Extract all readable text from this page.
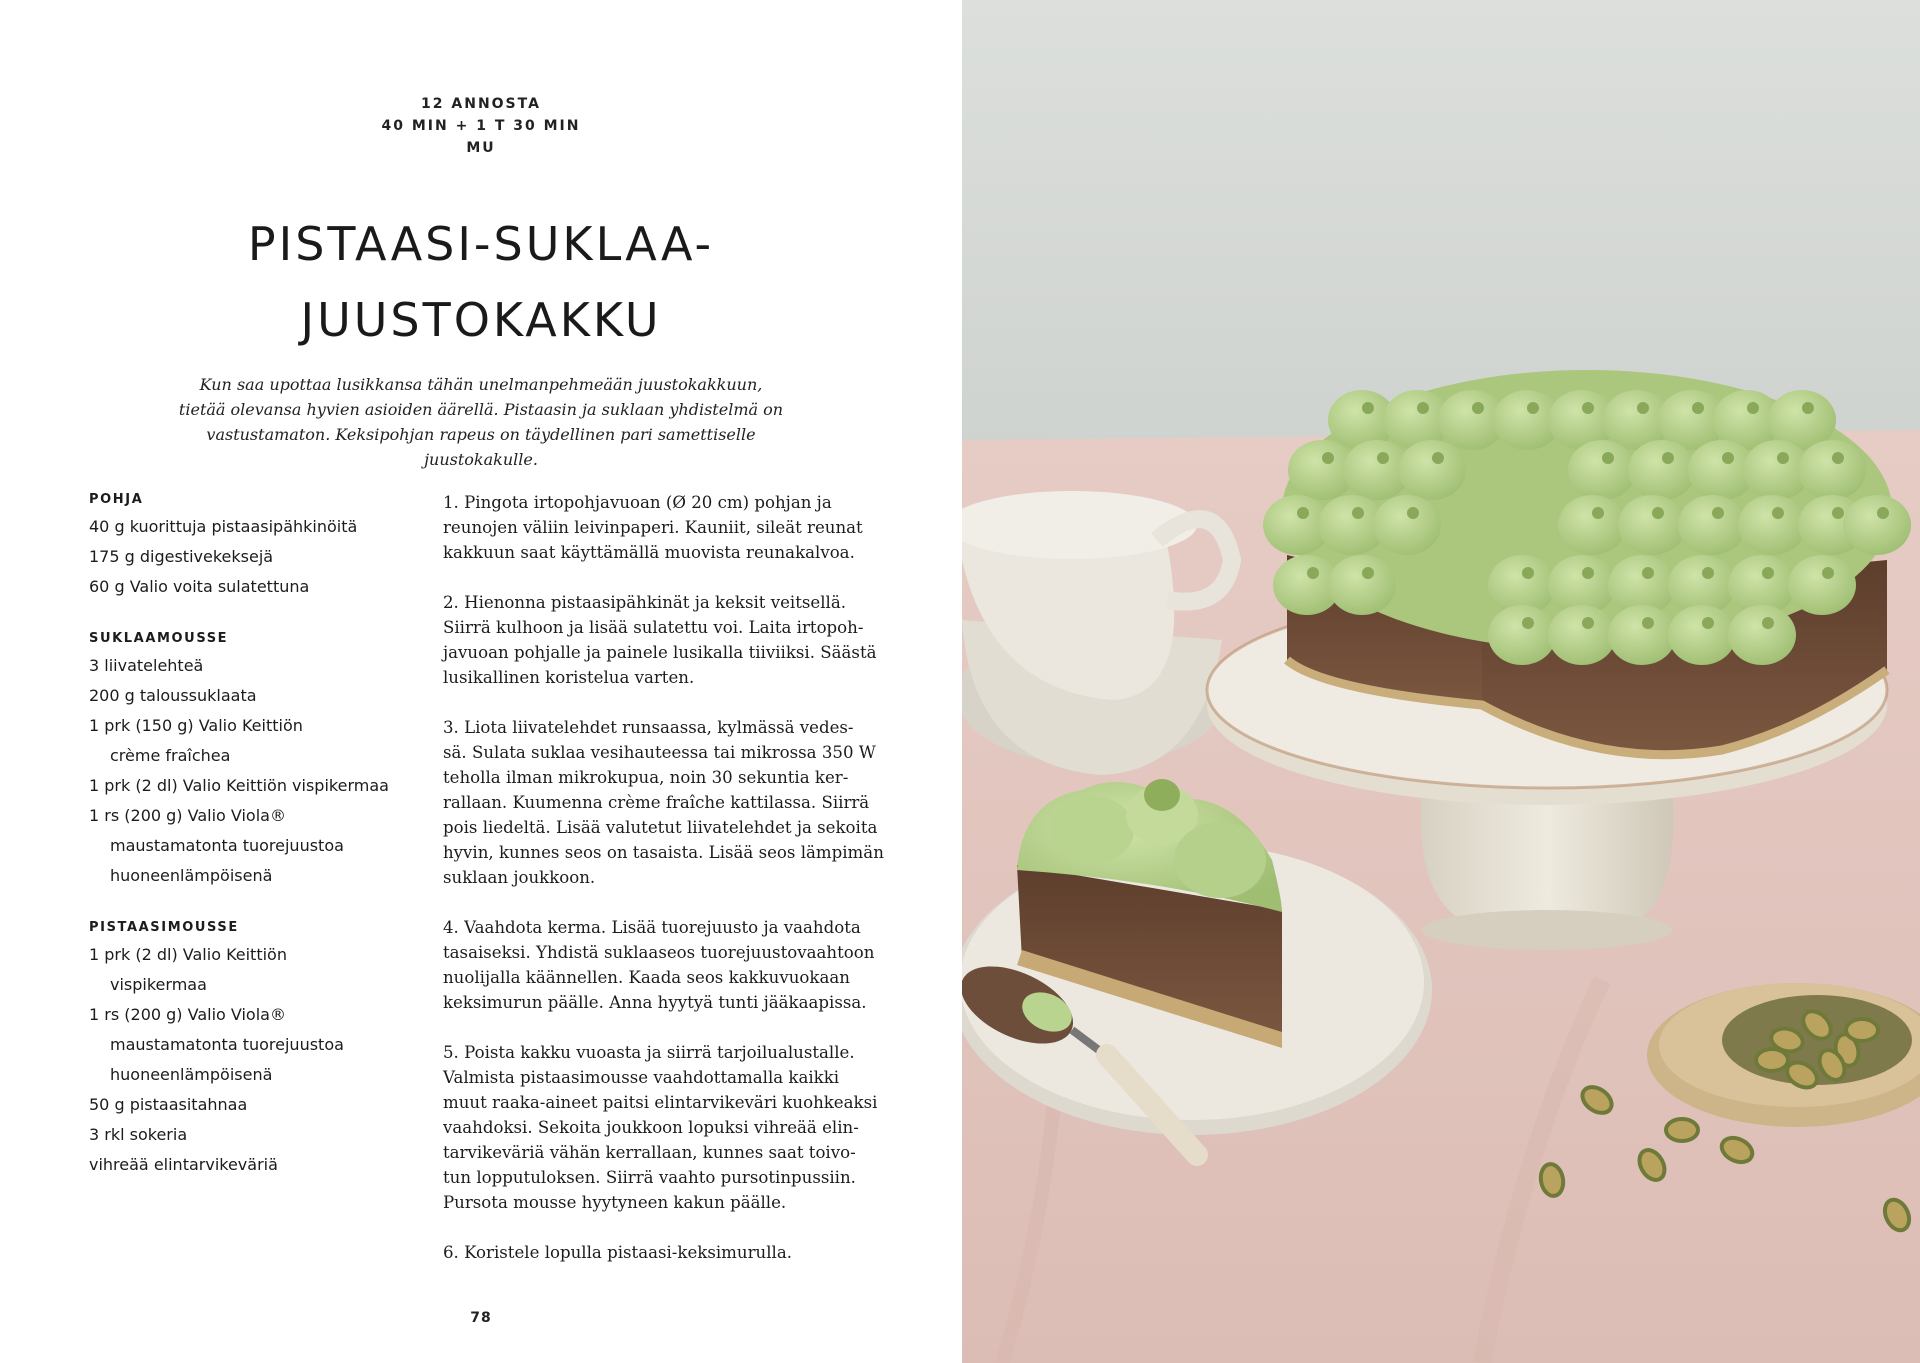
12 ANNOSTA
40 MIN + 1 T 30 MIN
MU
PISTAASI-SUKLAA-
JUUSTOKAKKU
Kun saa upottaa lusikkansa tähän unelmanpehmeään juustokakkuun,
tietää olevansa hyvien asioiden äärellä. Pistaasin ja suklaan yhdistelmä on
vastustamaton. Keksipohjan rapeus on täydellinen pari samettiselle juustokakulle.
POHJA
40 g kuorittuja pistaasipähkinöitä
175 g digestivekeksejä
60 g Valio voita sulatettuna
SUKLAAMOUSSE
3 liivatelehteä
200 g taloussuklaata
1 prk (150 g) Valio Keittiön
crème fraîchea
1 prk (2 dl) Valio Keittiön vispikermaa
1 rs (200 g) Valio Viola®
maustamatonta tuorejuustoa
huoneenlämpöisenä
PISTAASIMOUSSE
1 prk (2 dl) Valio Keittiön
vispikermaa
1 rs (200 g) Valio Viola®
maustamatonta tuorejuustoa
huoneenlämpöisenä
50 g pistaasitahnaa
3 rkl sokeria
vihreää elintarvikeväriä
1. Pingota irtopohjavuoan (Ø 20 cm) pohjan ja
reunojen väliin leivinpaperi. Kauniit, sileät reunat
kakkuun saat käyttämällä muovista reunakalvoa.
2. Hienonna pistaasipähkinät ja keksit veitsellä.
Siirrä kulhoon ja lisää sulatettu voi. Laita irtopoh-
javuoan pohjalle ja painele lusikalla tiiviiksi. Säästä
lusikallinen koristelua varten.
3. Liota liivatelehdet runsaassa, kylmässä vedes-
sä. Sulata suklaa vesihauteessa tai mikrossa 350 W
teholla ilman mikrokupua, noin 30 sekuntia ker-
rallaan. Kuumenna crème fraîche kattilassa. Siirrä
pois liedeltä. Lisää valutetut liivatelehdet ja sekoita
hyvin, kunnes seos on tasaista. Lisää seos lämpimän
suklaan joukkoon.
4. Vaahdota kerma. Lisää tuorejuusto ja vaahdota
tasaiseksi. Yhdistä suklaaseos tuorejuustovaahtoon
nuolijalla käännellen. Kaada seos kakkuvuokaan
keksimurun päälle. Anna hyytyä tunti jääkaapissa.
5. Poista kakku vuoasta ja siirrä tarjoilualustalle.
Valmista pistaasimousse vaahdottamalla kaikki
muut raaka-aineet paitsi elintarvikeväri kuohkeaksi
vaahdoksi. Sekoita joukkoon lopuksi vihreää elin-
tarvikeväriä vähän kerrallaan, kunnes saat toivo-
tun lopputuloksen. Siirrä vaahto pursotinpussiin.
Pursota mousse hyytyneen kakun päälle.
6. Koristele lopulla pistaasi-keksimurulla.
78
